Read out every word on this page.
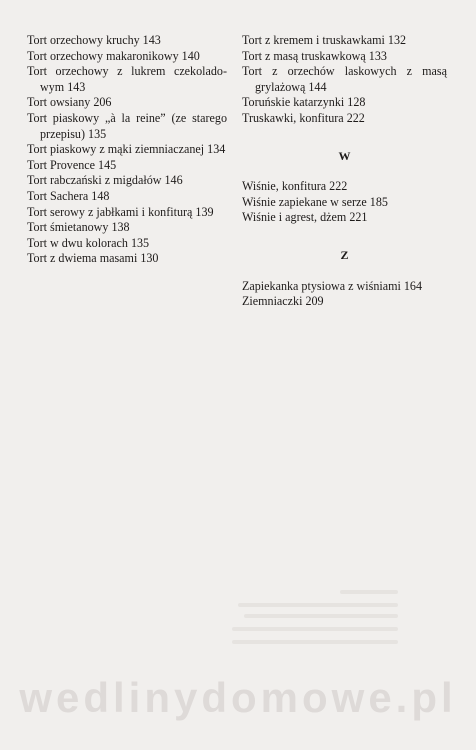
Tort orzechowy kruchy 143

Tort orzechowy makaronikowy 140

Tort orzechowy z lukrem czekolado-wym 143

Tort owsiany 206

Tort piaskowy „à la reine” (ze starego przepisu) 135

Tort piaskowy z mąki ziemniaczanej 134

Tort Provence 145

Tort rabczański z migdałów 146

Tort Sachera 148

Tort serowy z jabłkami i konfiturą 139

Tort śmietanowy 138

Tort w dwu kolorach 135

Tort z dwiema masami 130

Tort z kremem i truskawkami 132

Tort z masą truskawkową 133

Tort z orzechów laskowych z masą grylażową 144

Toruńskie katarzynki 128

Truskawki, konfitura 222

W

Wiśnie, konfitura 222

Wiśnie zapiekane w serze 185

Wiśnie i agrest, dżem 221

Z

Zapiekanka ptysiowa z wiśniami 164

Ziemniaczki 209

wedlinydomowe.pl
